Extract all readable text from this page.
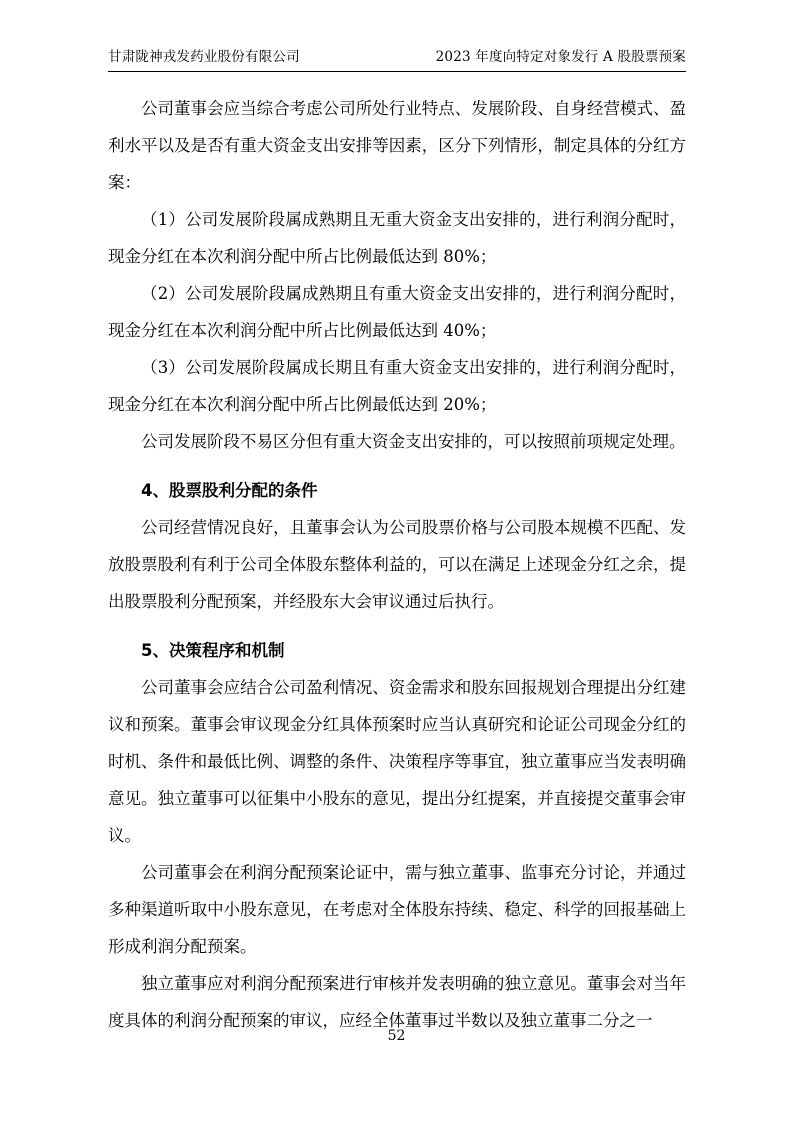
甘肃陇神戎发药业股份有限公司	2023 年度向特定对象发行 A 股股票预案

公司董事会应当综合考虑公司所处行业特点、发展阶段、自身经营模式、盈利水平以及是否有重大资金支出安排等因素，区分下列情形，制定具体的分红方案：

（1）公司发展阶段属成熟期且无重大资金支出安排的，进行利润分配时，现金分红在本次利润分配中所占比例最低达到 80%；

（2）公司发展阶段属成熟期且有重大资金支出安排的，进行利润分配时，现金分红在本次利润分配中所占比例最低达到 40%；

（3）公司发展阶段属成长期且有重大资金支出安排的，进行利润分配时，现金分红在本次利润分配中所占比例最低达到 20%；

公司发展阶段不易区分但有重大资金支出安排的，可以按照前项规定处理。

4、股票股利分配的条件

公司经营情况良好，且董事会认为公司股票价格与公司股本规模不匹配、发放股票股利有利于公司全体股东整体利益的，可以在满足上述现金分红之余，提出股票股利分配预案，并经股东大会审议通过后执行。

5、决策程序和机制

公司董事会应结合公司盈利情况、资金需求和股东回报规划合理提出分红建议和预案。董事会审议现金分红具体预案时应当认真研究和论证公司现金分红的时机、条件和最低比例、调整的条件、决策程序等事宜，独立董事应当发表明确意见。独立董事可以征集中小股东的意见，提出分红提案，并直接提交董事会审议。

公司董事会在利润分配预案论证中，需与独立董事、监事充分讨论，并通过多种渠道听取中小股东意见，在考虑对全体股东持续、稳定、科学的回报基础上形成利润分配预案。

独立董事应对利润分配预案进行审核并发表明确的独立意见。董事会对当年度具体的利润分配预案的审议，应经全体董事过半数以及独立董事二分之一

52
